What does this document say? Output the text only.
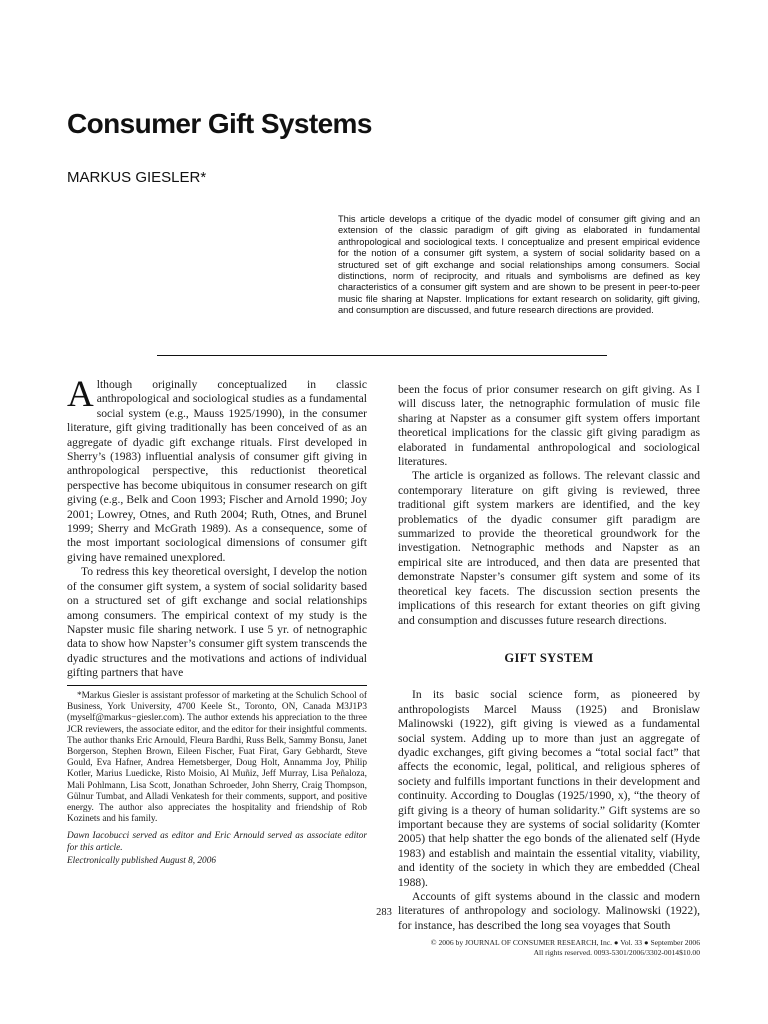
Consumer Gift Systems
MARKUS GIESLER*

This article develops a critique of the dyadic model of consumer gift giving and an extension of the classic paradigm of gift giving as elaborated in fundamental anthropological and sociological texts. I conceptualize and present empirical evidence for the notion of a consumer gift system, a system of social solidarity based on a structured set of gift exchange and social relationships among consumers. Social distinctions, norm of reciprocity, and rituals and symbolisms are defined as key characteristics of a consumer gift system and are shown to be present in peer-to-peer music file sharing at Napster. Implications for extant research on solidarity, gift giving, and consumption are discussed, and future research directions are provided.

Although originally conceptualized in classic anthropological and sociological studies as a fundamental social system (e.g., Mauss 1925/1990), in the consumer literature, gift giving traditionally has been conceived of as an aggregate of dyadic gift exchange rituals. First developed in Sherry’s (1983) influential analysis of consumer gift giving in anthropological perspective, this reductionist theoretical perspective has become ubiquitous in consumer research on gift giving (e.g., Belk and Coon 1993; Fischer and Arnold 1990; Joy 2001; Lowrey, Otnes, and Ruth 2004; Ruth, Otnes, and Brunel 1999; Sherry and McGrath 1989). As a consequence, some of the most important sociological dimensions of consumer gift giving have remained unexplored.

To redress this key theoretical oversight, I develop the notion of the consumer gift system, a system of social solidarity based on a structured set of gift exchange and social relationships among consumers. The empirical context of my study is the Napster music file sharing network. I use 5 yr. of netnographic data to show how Napster’s consumer gift system transcends the dyadic structures and the motivations and actions of individual gifting partners that have

been the focus of prior consumer research on gift giving. As I will discuss later, the netnographic formulation of music file sharing at Napster as a consumer gift system offers important theoretical implications for the classic gift giving paradigm as elaborated in fundamental anthropological and sociological literatures.

The article is organized as follows. The relevant classic and contemporary literature on gift giving is reviewed, three traditional gift system markers are identified, and the key problematics of the dyadic consumer gift paradigm are summarized to provide the theoretical groundwork for the investigation. Netnographic methods and Napster as an empirical site are introduced, and then data are presented that demonstrate Napster’s consumer gift system and some of its theoretical key facets. The discussion section presents the implications of this research for extant theories on gift giving and consumption and discusses future research directions.

GIFT SYSTEM

In its basic social science form, as pioneered by anthropologists Marcel Mauss (1925) and Bronislaw Malinowski (1922), gift giving is viewed as a fundamental social system. Adding up to more than just an aggregate of dyadic exchanges, gift giving becomes a “total social fact” that affects the economic, legal, political, and religious spheres of society and fulfills important functions in their development and continuity. According to Douglas (1925/1990, x), “the theory of gift giving is a theory of human solidarity.” Gift systems are so important because they are systems of social solidarity (Komter 2005) that help shatter the ego bonds of the alienated self (Hyde 1983) and establish and maintain the essential vitality, viability, and identity of the society in which they are embedded (Cheal 1988).

Accounts of gift systems abound in the classic and modern literatures of anthropology and sociology. Malinowski (1922), for instance, has described the long sea voyages that South

*Markus Giesler is assistant professor of marketing at the Schulich School of Business, York University, 4700 Keele St., Toronto, ON, Canada M3J1P3 (myself@markus−giesler.com). The author extends his appreciation to the three JCR reviewers, the associate editor, and the editor for their insightful comments. The author thanks Eric Arnould, Fleura Bardhi, Russ Belk, Sammy Bonsu, Janet Borgerson, Stephen Brown, Eileen Fischer, Fuat Firat, Gary Gebhardt, Steve Gould, Eva Hafner, Andrea Hemetsberger, Doug Holt, Annamma Joy, Philip Kotler, Marius Luedicke, Risto Moisio, Al Muñiz, Jeff Murray, Lisa Peñaloza, Mali Pohlmann, Lisa Scott, Jonathan Schroeder, John Sherry, Craig Thompson, Gülnur Tumbat, and Alladi Venkatesh for their comments, support, and positive energy. The author also appreciates the hospitality and friendship of Rob Kozinets and his family.

Dawn Iacobucci served as editor and Eric Arnould served as associate editor for this article.

Electronically published August 8, 2006

283
© 2006 by JOURNAL OF CONSUMER RESEARCH, Inc. ● Vol. 33 ● September 2006
All rights reserved. 0093-5301/2006/3302-0014$10.00
